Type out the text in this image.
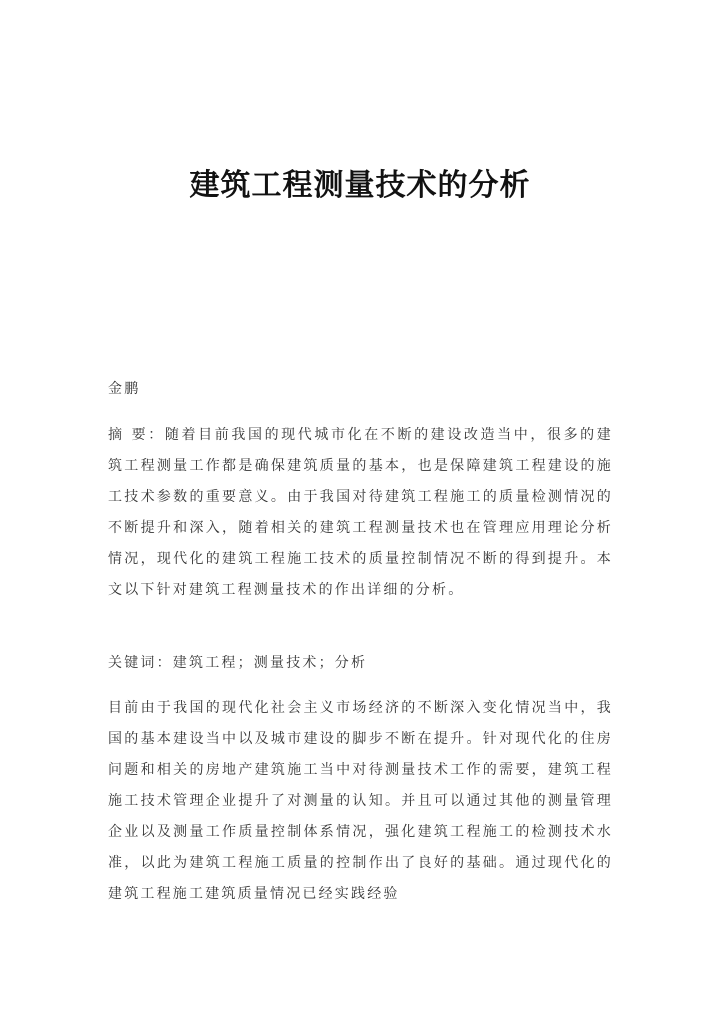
建筑工程测量技术的分析

金鹏

摘 要：随着目前我国的现代城市化在不断的建设改造当中，很多的建筑工程测量工作都是确保建筑质量的基本，也是保障建筑工程建设的施工技术参数的重要意义。由于我国对待建筑工程施工的质量检测情况的不断提升和深入，随着相关的建筑工程测量技术也在管理应用理论分析情况，现代化的建筑工程施工技术的质量控制情况不断的得到提升。本文以下针对建筑工程测量技术的作出详细的分析。

关键词：建筑工程；测量技术；分析

目前由于我国的现代化社会主义市场经济的不断深入变化情况当中，我国的基本建设当中以及城市建设的脚步不断在提升。针对现代化的住房问题和相关的房地产建筑施工当中对待测量技术工作的需要，建筑工程施工技术管理企业提升了对测量的认知。并且可以通过其他的测量管理企业以及测量工作质量控制体系情况，强化建筑工程施工的检测技术水准，以此为建筑工程施工质量的控制作出了良好的基础。通过现代化的建筑工程施工建筑质量情况已经实践经验
